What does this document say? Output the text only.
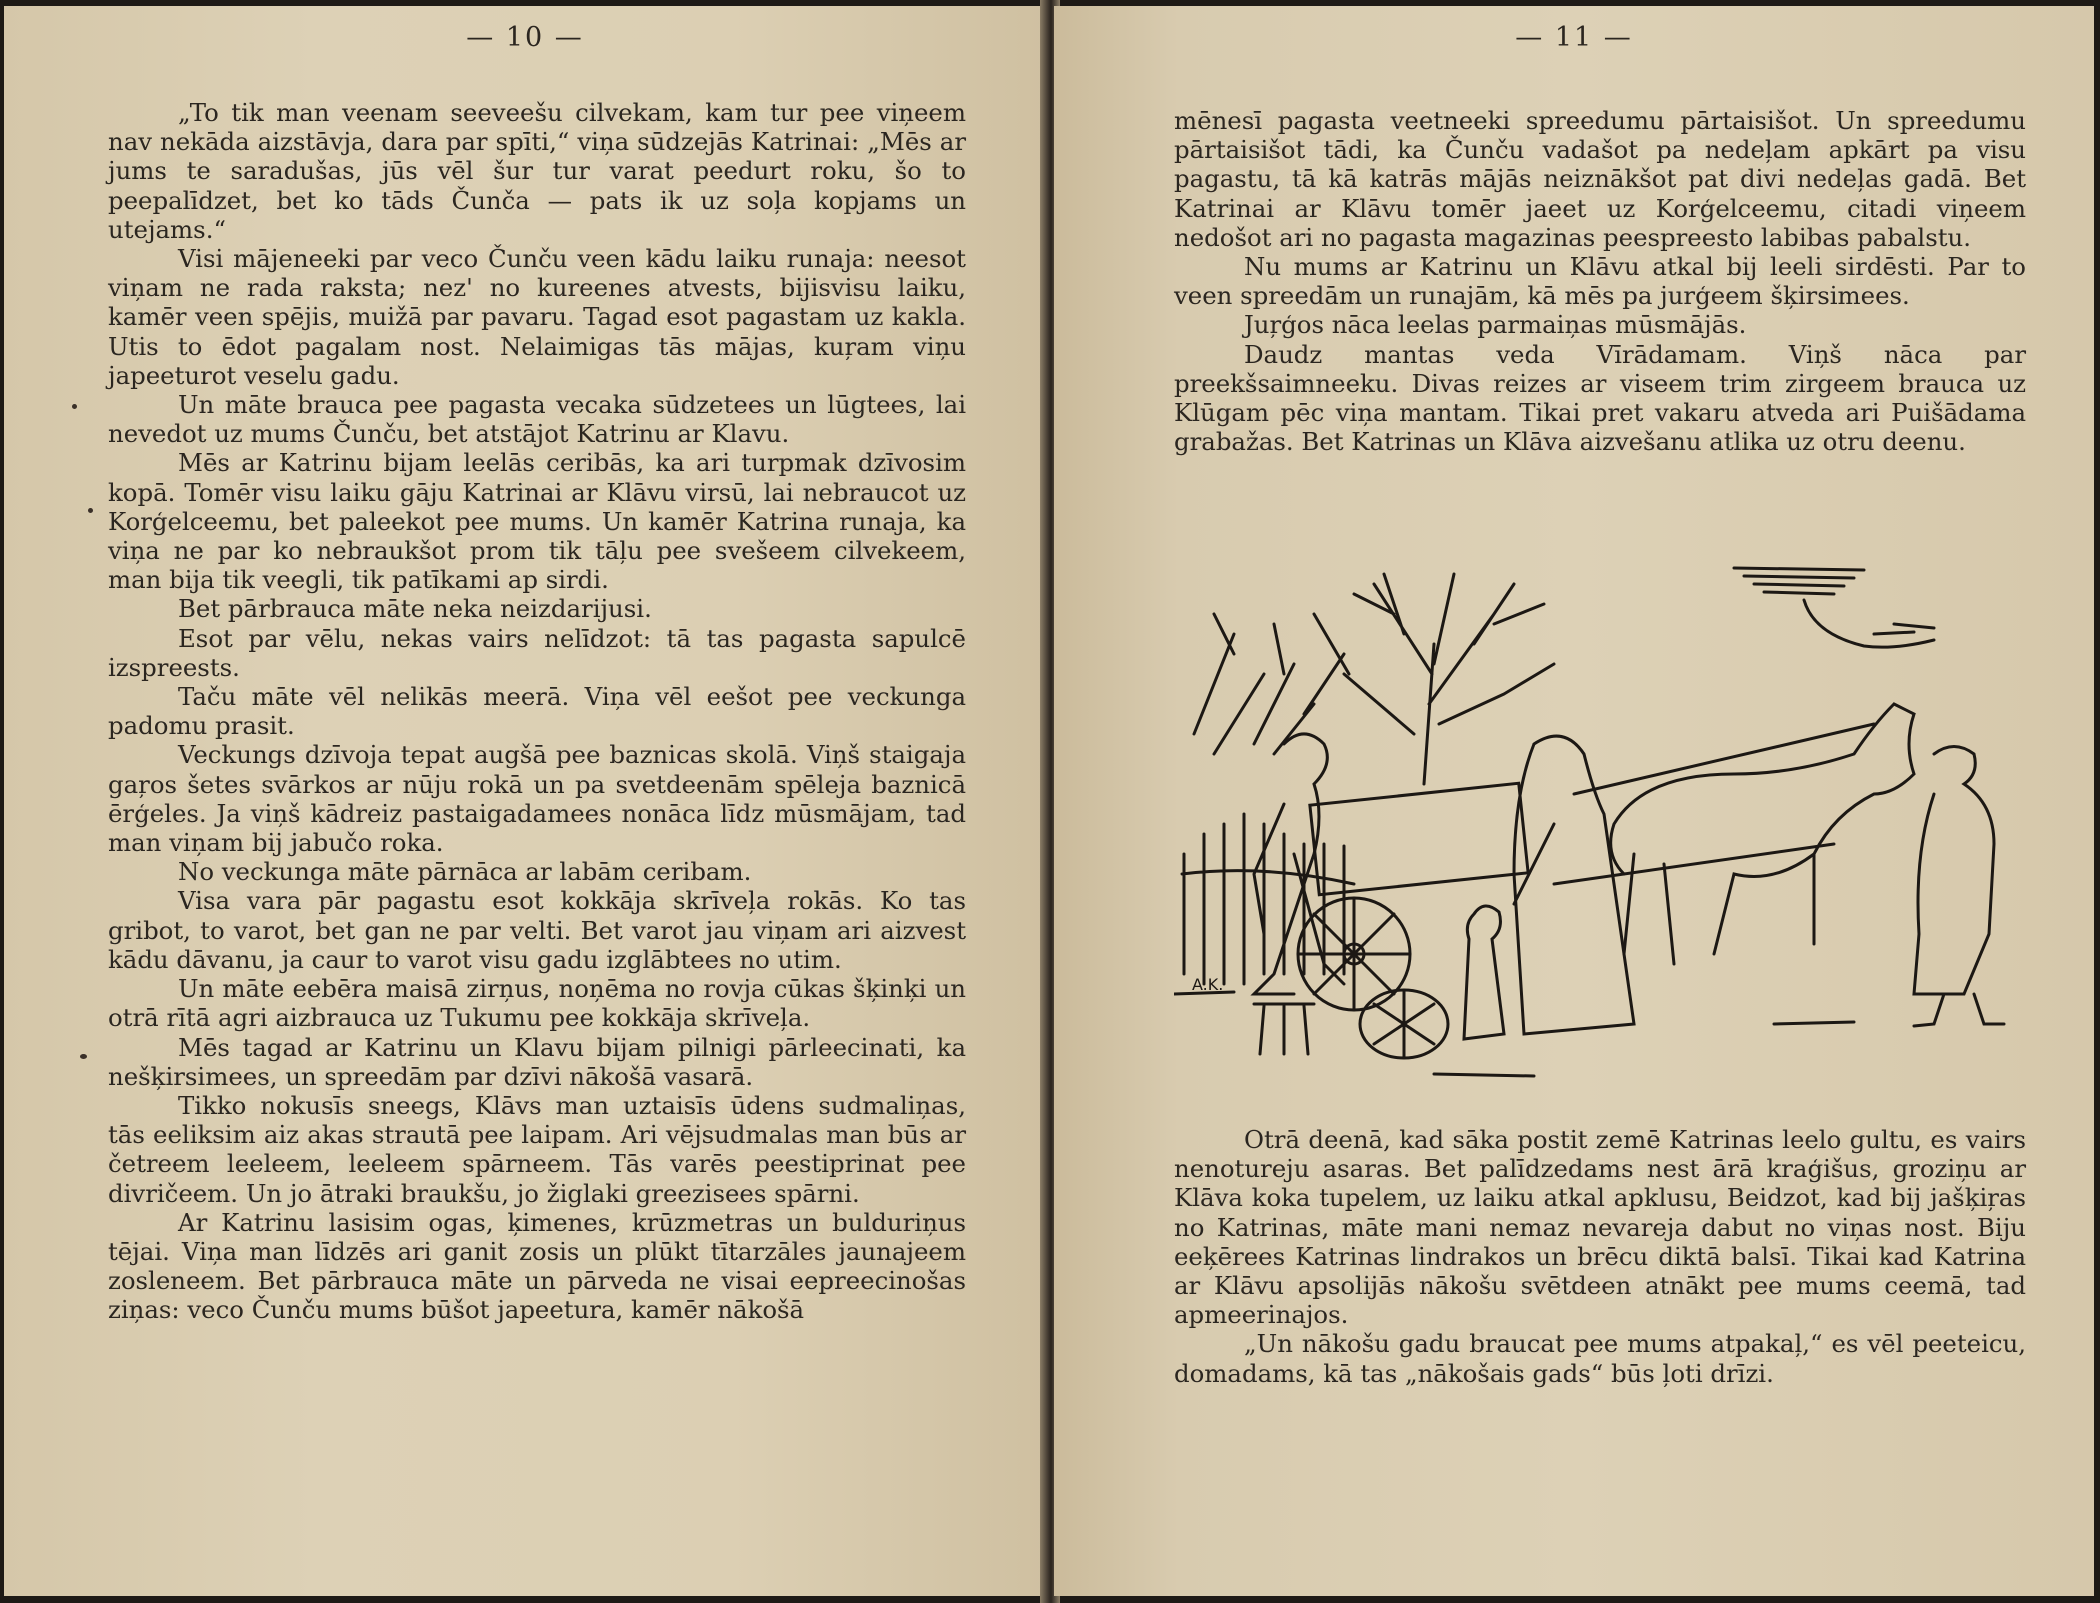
— 10 —

„To tik man veenam seeveešu cilvekam, kam tur pee viņeem nav nekāda aizstāvja, dara par spīti,“ viņa sūdzejās Katrinai: „Mēs ar jums te saradušas, jūs vēl šur tur varat peedurt roku, šo to peepalīdzet, bet ko tāds Čunča — pats ik uz soļa kopjams un utejams.“

Visi mājeneeki par veco Čunču veen kādu laiku runaja: neesot viņam ne rada raksta; nez' no kureenes atvests, bijisvisu laiku, kamēr veen spējis, muižā par pavaru. Tagad esot pagastam uz kakla. Utis to ēdot pagalam nost. Nelaimigas tās mājas, kuŗam viņu japeeturot veselu gadu.

Un māte brauca pee pagasta vecaka sūdzetees un lūgtees, lai nevedot uz mums Čunču, bet atstājot Katrinu ar Klavu.

Mēs ar Katrinu bijam leelās ceribās, ka ari turpmak dzīvosim kopā. Tomēr visu laiku gāju Katrinai ar Klāvu virsū, lai nebraucot uz Korģelceemu, bet paleekot pee mums. Un kamēr Katrina runaja, ka viņa ne par ko nebraukšot prom tik tāļu pee svešeem cilvekeem, man bija tik veegli, tik patīkami ap sirdi.

Bet pārbrauca māte neka neizdarijusi.

Esot par vēlu, nekas vairs nelīdzot: tā tas pagasta sapulcē izspreests.

Taču māte vēl nelikās meerā. Viņa vēl eešot pee veckunga padomu prasit.

Veckungs dzīvoja tepat augšā pee baznicas skolā. Viņš staigaja gaŗos šetes svārkos ar nūju rokā un pa svetdeenām spēleja baznicā ērģeles. Ja viņš kādreiz pastaigadamees nonāca līdz mūsmājam, tad man viņam bij jabučo roka.

No veckunga māte pārnāca ar labām ceribam.

Visa vara pār pagastu esot kokkāja skrīveļa rokās. Ko tas gribot, to varot, bet gan ne par velti. Bet varot jau viņam ari aizvest kādu dāvanu, ja caur to varot visu gadu izglābtees no utim.

Un māte eebēra maisā zirņus, noņēma no rovja cūkas šķinķi un otrā rītā agri aizbrauca uz Tukumu pee kokkāja skrīveļa.

Mēs tagad ar Katrinu un Klavu bijam pilnigi pārleecinati, ka nešķirsimees, un spreedām par dzīvi nākošā vasarā.

Tikko nokusīs sneegs, Klāvs man uztaisīs ūdens sudmaliņas, tās eeliksim aiz akas strautā pee laipam. Ari vējsudmalas man būs ar četreem leeleem, leeleem spārneem. Tās varēs peestiprinat pee divričeem. Un jo ātraki braukšu, jo žiglaki greezisees spārni.

Ar Katrinu lasisim ogas, ķimenes, krūzmetras un bulduriņus tējai. Viņa man līdzēs ari ganit zosis un plūkt tītarzāles jaunajeem zosleneem. Bet pārbrauca māte un pārveda ne visai eepreecinošas ziņas: veco Čunču mums būšot japeetura, kamēr nākošā

— 11 —

mēnesī pagasta veetneeki spreedumu pārtaisišot. Un spreedumu pārtaisišot tādi, ka Čunču vadašot pa nedeļam apkārt pa visu pagastu, tā kā katrās mājās neiznākšot pat divi nedeļas gadā. Bet Katrinai ar Klāvu tomēr jaeet uz Korģelceemu, citadi viņeem nedošot ari no pagasta magazinas peespreesto labibas pabalstu.

Nu mums ar Katrinu un Klāvu atkal bij leeli sirdēsti. Par to veen spreedām un runajām, kā mēs pa jurģeem šķirsimees.

Juŗģos nāca leelas parmaiņas mūsmājās.

Daudz mantas veda Vīrādamam. Viņš nāca par preekšsaimneeku. Divas reizes ar viseem trim zirgeem brauca uz Klūgam pēc viņa mantam. Tikai pret vakaru atveda ari Puišādama grabažas. Bet Katrinas un Klāva aizvešanu atlika uz otru deenu.

A.K.

Otrā deenā, kad sāka postit zemē Katrinas leelo gultu, es vairs nenotureju asaras. Bet palīdzedams nest ārā kraģišus, groziņu ar Klāva koka tupelem, uz laiku atkal apklusu, Beidzot, kad bij jašķiŗas no Katrinas, māte mani nemaz nevareja dabut no viņas nost. Biju eeķērees Katrinas lindrakos un brēcu diktā balsī. Tikai kad Katrina ar Klāvu apsolijās nākošu svētdeen atnākt pee mums ceemā, tad apmeerinajos.

„Un nākošu gadu braucat pee mums atpakaļ,“ es vēl peeteicu, domadams, kā tas „nākošais gads“ būs ļoti drīzi.
